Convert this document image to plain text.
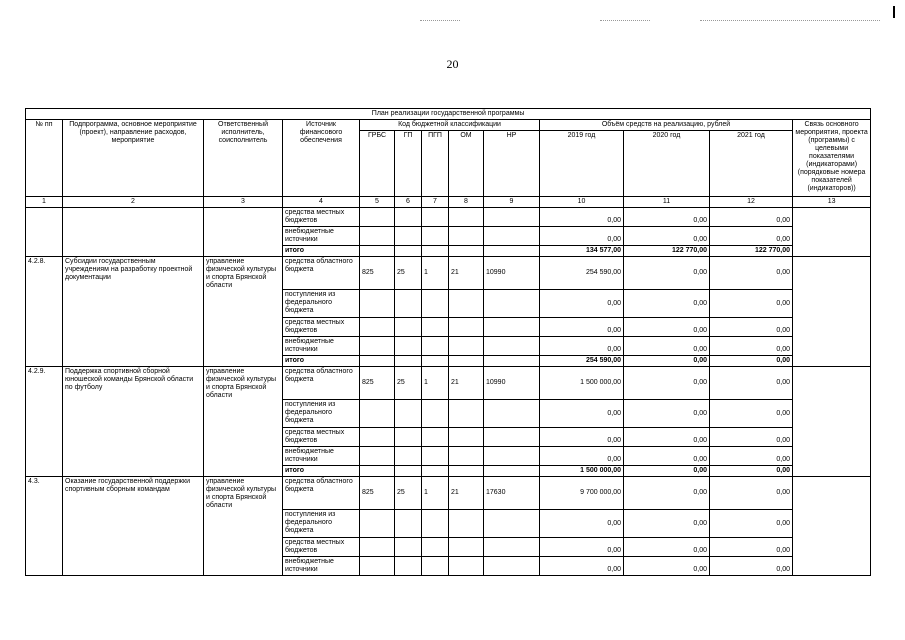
20
План реализации государственной программы												
№ пп	Подпрограмма, основное мероприятие (проект), направление расходов, мероприятие	Ответственный исполнитель, соисполнитель	Источник финансового обеспечения	Код бюджетной классификации					Объём средств на реализацию, рублей			Связь основного мероприятия, проекта (программы) с целевыми показателями (индикаторами) (порядковые номера показателей (индикаторов))
				ГРБС	ГП	ПГП	ОМ	НР	2019 год	2020 год	2021 год	
1	2	3	4	5	6	7	8	9	10	11	12	13
			средства местных бюджетов						0,00	0,00	0,00	
			внебюджетные источники						0,00	0,00	0,00	
			итого						134 577,00	122 770,00	122 770,00	
4.2.8.	Субсидии государственным учреждениям на разработку проектной документации	управление физической культуры и спорта Брянской области	средства областного бюджета	825	25	1	21	10990	254 590,00	0,00	0,00	
			поступления из федерального бюджета						0,00	0,00	0,00	
			средства местных бюджетов						0,00	0,00	0,00	
			внебюджетные источники						0,00	0,00	0,00	
			итого						254 590,00	0,00	0,00	
4.2.9.	Поддержка спортивной сборной юношеской команды Брянской области по футболу	управление физической культуры и спорта Брянской области	средства областного бюджета	825	25	1	21	10990	1 500 000,00	0,00	0,00	
			поступления из федерального бюджета						0,00	0,00	0,00	
			средства местных бюджетов						0,00	0,00	0,00	
			внебюджетные источники						0,00	0,00	0,00	
			итого						1 500 000,00	0,00	0,00	
4.3.	Оказание государственной поддержки спортивным сборным командам	управление физической культуры и спорта Брянской области	средства областного бюджета	825	25	1	21	17630	9 700 000,00	0,00	0,00	
			поступления из федерального бюджета						0,00	0,00	0,00	
			средства местных бюджетов						0,00	0,00	0,00	
			внебюджетные источники						0,00	0,00	0,00	
